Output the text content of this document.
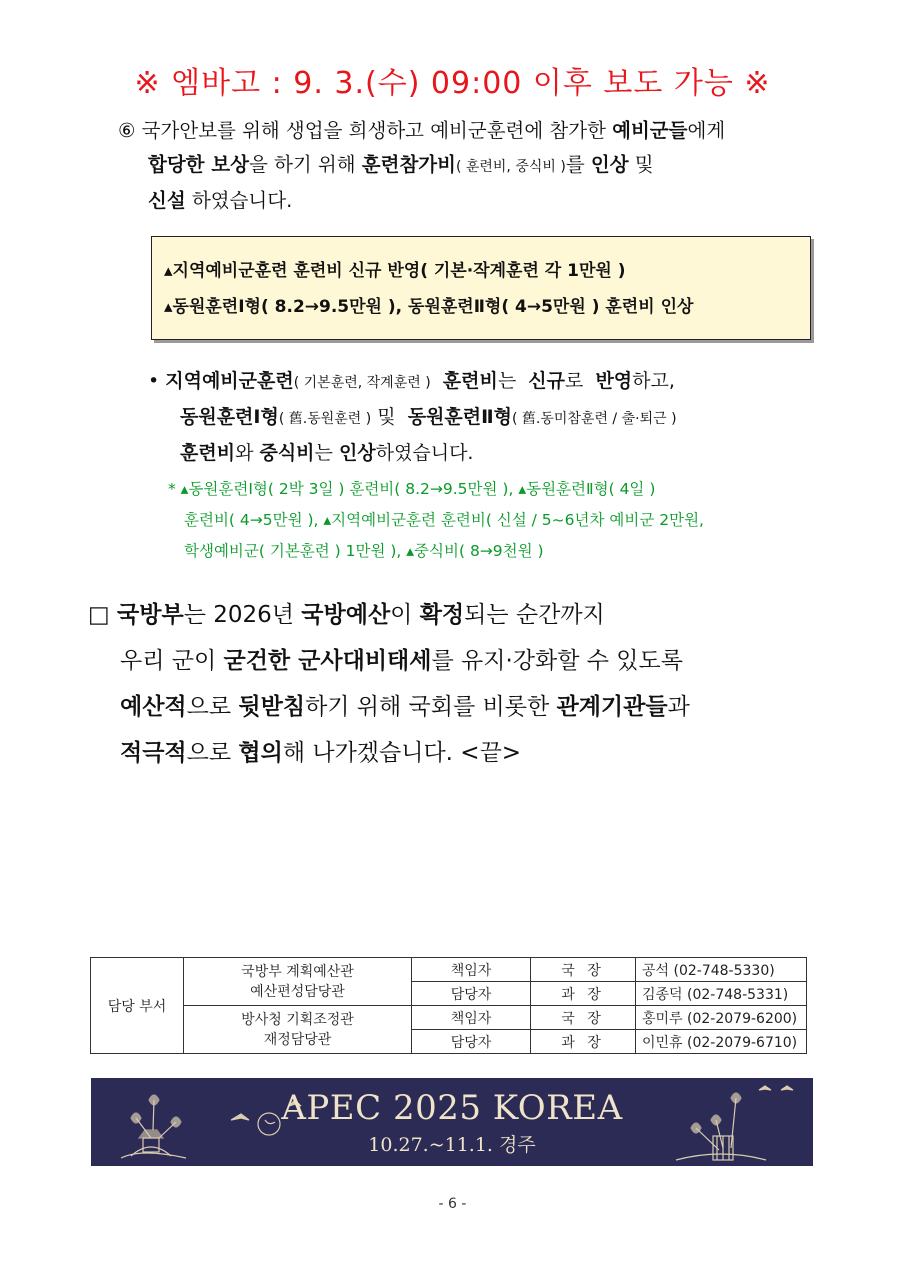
※ 엠바고 : 9. 3.(수) 09:00 이후 보도 가능 ※
⑥ 국가안보를 위해 생업을 희생하고 예비군훈련에 참가한 예비군들에게
합당한 보상을 하기 위해 훈련참가비( 훈련비, 중식비 )를 인상 및
신설 하였습니다.
▴지역예비군훈련 훈련비 신규 반영( 기본·작계훈련 각 1만원 )
▴동원훈련Ⅰ형( 8.2→9.5만원 ), 동원훈련Ⅱ형( 4→5만원 ) 훈련비 인상
• 지역예비군훈련( 기본훈련, 작계훈련 ) 훈련비는  신규로  반영하고,
동원훈련Ⅰ형( 舊.동원훈련 ) 및  동원훈련Ⅱ형( 舊.동미참훈련 / 출·퇴근 )
훈련비와 중식비는 인상하였습니다.
* ▴동원훈련Ⅰ형( 2박 3일 ) 훈련비( 8.2→9.5만원 ), ▴동원훈련Ⅱ형( 4일 )
훈련비( 4→5만원 ), ▴지역예비군훈련 훈련비( 신설 / 5~6년차 예비군 2만원,
학생예비군( 기본훈련 ) 1만원 ), ▴중식비( 8→9천원 )
□ 국방부는 2026년 국방예산이 확정되는 순간까지
우리 군이 굳건한 군사대비태세를 유지·강화할 수 있도록
예산적으로 뒷받침하기 위해 국회를 비롯한 관계기관들과
적극적으로 협의해 나가겠습니다. <끝>
담당 부서	국방부 계획예산관
예산편성담당관	책임자	국 장	공석 (02-748-5330)
		담당자	과 장	김종덕 (02-748-5331)

	방사청 기획조정관
재정담당관	책임자	국 장	홍미루 (02-2079-6200)
		담당자	과 장	이민휴 (02-2079-6710)
APEC 2025 KOREA
10.27.~11.1. 경주
- 6 -
